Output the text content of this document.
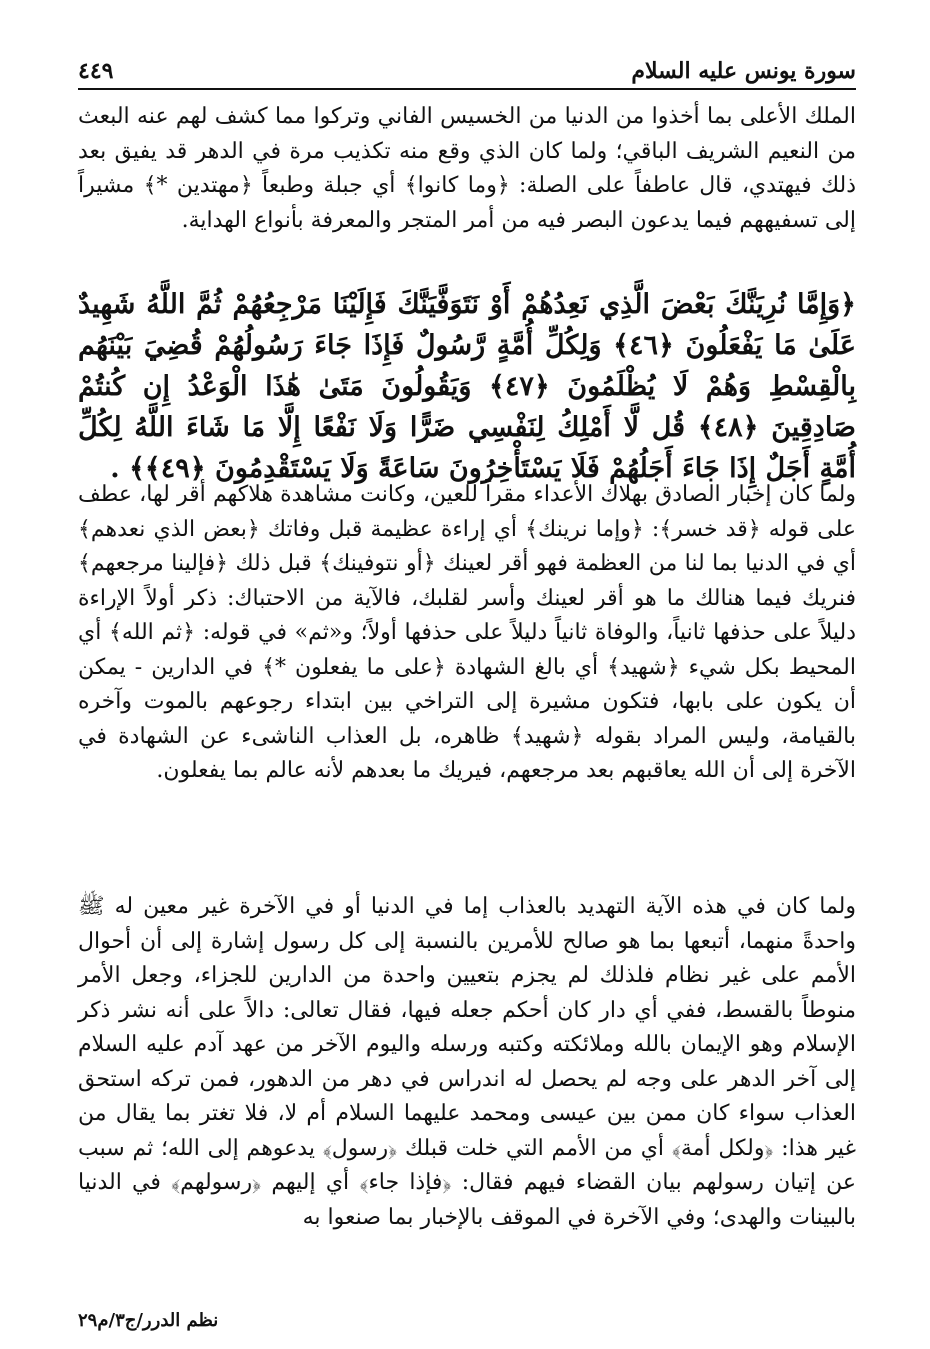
٤٤٩	سورة يونس عليه السلام

الملك الأعلى بما أخذوا من الدنيا من الخسيس الفاني وتركوا مما كشف لهم عنه البعث من النعيم الشريف الباقي؛ ولما كان الذي وقع منه تكذيب مرة في الدهر قد يفيق بعد ذلك فيهتدي، قال عاطفاً على الصلة: ﴿وما كانوا﴾ أي جبلة وطبعاً ﴿مهتدين *﴾ مشيراً إلى تسفيههم فيما يدعون البصر فيه من أمر المتجر والمعرفة بأنواع الهداية.

﴿وَإِمَّا نُرِيَنَّكَ بَعْضَ الَّذِي نَعِدُهُمْ أَوْ نَتَوَفَّيَنَّكَ فَإِلَيْنَا مَرْجِعُهُمْ ثُمَّ اللَّهُ شَهِيدٌ عَلَىٰ مَا يَفْعَلُونَ ﴿٤٦﴾ وَلِكُلِّ أُمَّةٍ رَّسُولٌ فَإِذَا جَاءَ رَسُولُهُمْ قُضِيَ بَيْنَهُم بِالْقِسْطِ وَهُمْ لَا يُظْلَمُونَ ﴿٤٧﴾ وَيَقُولُونَ مَتَىٰ هَٰذَا الْوَعْدُ إِن كُنتُمْ صَادِقِينَ ﴿٤٨﴾ قُل لَّا أَمْلِكُ لِنَفْسِي ضَرًّا وَلَا نَفْعًا إِلَّا مَا شَاءَ اللَّهُ لِكُلِّ أُمَّةٍ أَجَلٌ إِذَا جَاءَ أَجَلُهُمْ فَلَا يَسْتَأْخِرُونَ سَاعَةً وَلَا يَسْتَقْدِمُونَ ﴿٤٩﴾﴾ .

ولما كان إخبار الصادق بهلاك الأعداء مقراً للعين، وكانت مشاهدة هلاكهم أقر لها، عطف على قوله ﴿قد خسر﴾: ﴿وإما نرينك﴾ أي إراءة عظيمة قبل وفاتك ﴿بعض الذي نعدهم﴾ أي في الدنيا بما لنا من العظمة فهو أقر لعينك ﴿أو نتوفينك﴾ قبل ذلك ﴿فإلينا مرجعهم﴾ فنريك فيما هنالك ما هو أقر لعينك وأسر لقلبك، فالآية من الاحتباك: ذكر أولاً الإراءة دليلاً على حذفها ثانياً، والوفاة ثانياً دليلاً على حذفها أولاً؛ و«ثم» في قوله: ﴿ثم الله﴾ أي المحيط بكل شيء ﴿شهيد﴾ أي بالغ الشهادة ﴿على ما يفعلون *﴾ في الدارين - يمكن أن يكون على بابها، فتكون مشيرة إلى التراخي بين ابتداء رجوعهم بالموت وآخره بالقيامة، وليس المراد بقوله ﴿شهيد﴾ ظاهره، بل العذاب الناشىء عن الشهادة في الآخرة إلى أن الله يعاقبهم بعد مرجعهم، فيريك ما بعدهم لأنه عالم بما يفعلون.

ولما كان في هذه الآية التهديد بالعذاب إما في الدنيا أو في الآخرة غير معين له ﷺ واحدةً منهما، أتبعها بما هو صالح للأمرين بالنسبة إلى كل رسول إشارة إلى أن أحوال الأمم على غير نظام فلذلك لم يجزم بتعيين واحدة من الدارين للجزاء، وجعل الأمر منوطاً بالقسط، ففي أي دار كان أحكم جعله فيها، فقال تعالى: دالاً على أنه نشر ذكر الإسلام وهو الإيمان بالله وملائكته وكتبه ورسله واليوم الآخر من عهد آدم عليه السلام إلى آخر الدهر على وجه لم يحصل له اندراس في دهر من الدهور، فمن تركه استحق العذاب سواء كان ممن بين عيسى ومحمد عليهما السلام أم لا، فلا تغتر بما يقال من غير هذا: ﴿ولكل أمة﴾ أي من الأمم التي خلت قبلك ﴿رسول﴾ يدعوهم إلى الله؛ ثم سبب عن إتيان رسولهم بيان القضاء فيهم فقال: ﴿فإذا جاء﴾ أي إليهم ﴿رسولهم﴾ في الدنيا بالبينات والهدى؛ وفي الآخرة في الموقف بالإخبار بما صنعوا به

نظم الدرر/ج٣/م٢٩
